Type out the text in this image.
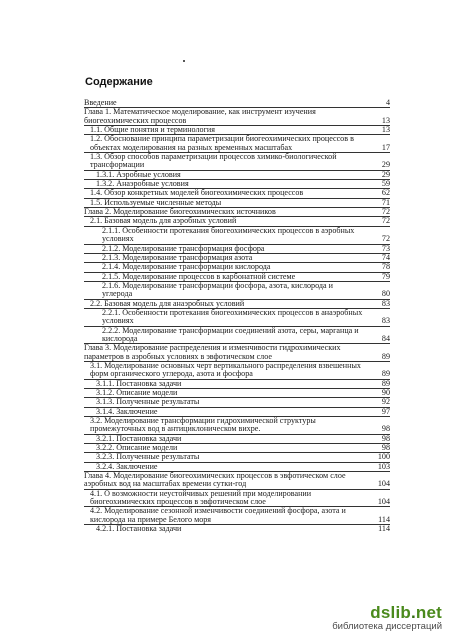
Содержание
Введение	4
Глава 1. Математическое моделирование, как инструмент изучения
биогеохимических процессов	13
1.1. Общие понятия и терминология	13
1.2. Обоснование принципа параметризации биогеохимических процессов в
объектах моделирования на разных временных масштабах	17
1.3. Обзор способов параметризации процессов химико-биологической
трансформации	29
1.3.1. Аэробные условия	29
1.3.2. Анаэробные условия	59
1.4. Обзор конкретных моделей биогеохимических процессов	62
1.5. Используемые численные методы	71
Глава 2. Моделирование биогеохимических источников	72
2.1. Базовая модель для аэробных условий	72
2.1.1. Особенности протекания биогеохимических процессов в аэробных
условиях	72
2.1.2. Моделирование трансформация фосфора	73
2.1.3. Моделирование трансформация азота	74
2.1.4. Моделирование трансформации кислорода	78
2.1.5. Моделирование процессов в карбонатной системе	79
2.1.6. Моделирование трансформации фосфора, азота, кислорода и
углерода	80
2.2. Базовая модель для анаэробных условий	83
2.2.1. Особенности протекания биогеохимических процессов в анаэробных
условиях	83
2.2.2. Моделирование трансформации соединений азота, серы, марганца и
кислорода	84
Глава 3. Моделирование распределения и изменчивости гидрохимических
параметров в аэробных условиях в эвфотическом слое	89
3.1. Моделирование основных черт вертикального распределения взвешенных
форм органического углерода, азота и фосфора	89
3.1.1. Постановка задачи	89
3.1.2. Описание модели	90
3.1.3. Полученные результаты	92
3.1.4. Заключение	97
3.2. Моделирование трансформации гидрохимической структуры
промежуточных вод в антициклоническом вихре.	98
3.2.1. Постановка задачи	98
3.2.2. Описание модели	98
3.2.3. Полученные результаты	100
3.2.4. Заключение	103
Глава 4. Моделирование биогеохимических процессов в эвфотическом слое
аэробных вод на масштабах времени сутки-год	104
4.1. О возможности неустойчивых решений при моделировании
биогеохимических процессов в эвфотическом слое	104
4.2. Моделирование сезонной изменчивости соединений фосфора, азота и
кислорода на примере Белого моря	114
4.2.1. Постановка задачи	114
dslib.net
библиотека диссертаций
